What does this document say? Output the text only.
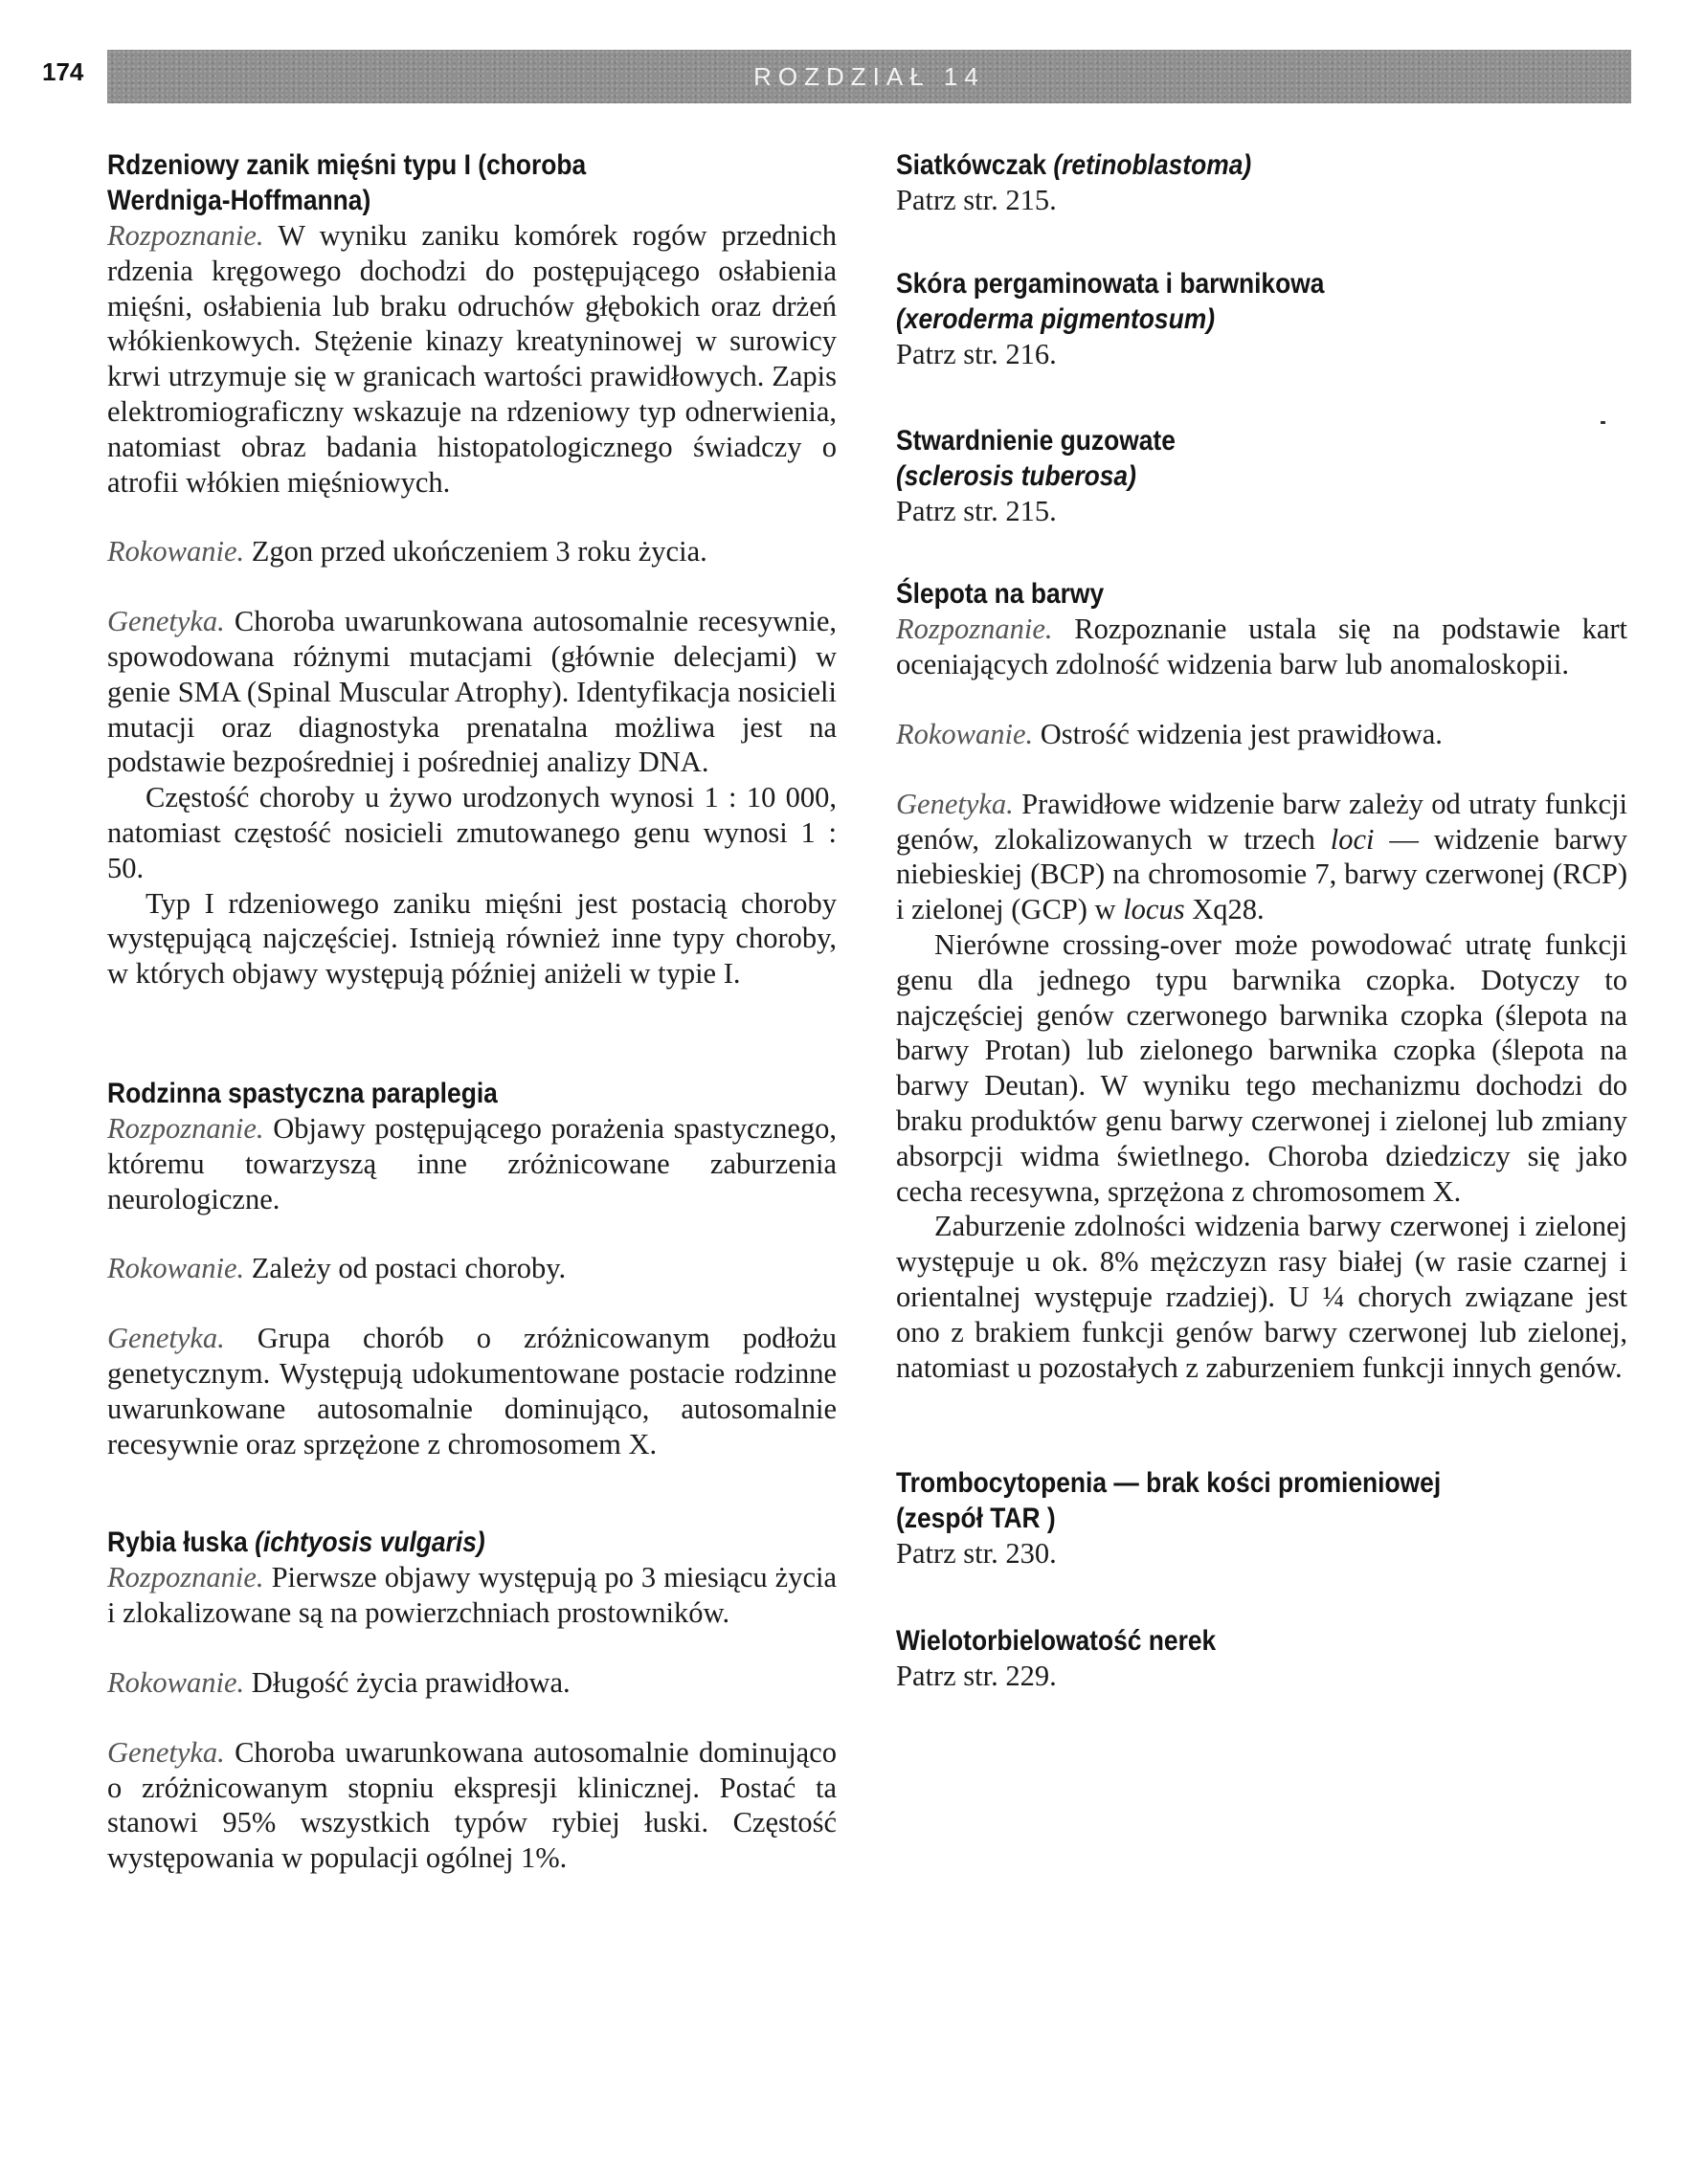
174	ROZDZIAŁ 14
Rdzeniowy zanik mięśni typu I (choroba
Werdniga-Hoffmanna)

Rozpoznanie. W wyniku zaniku komórek rogów przednich rdzenia kręgowego dochodzi do postępującego osłabienia mięśni, osłabienia lub braku odruchów głębokich oraz drżeń włókienkowych. Stężenie kinazy kreatyninowej w surowicy krwi utrzymuje się w granicach wartości prawidłowych. Zapis elektromiograficzny wskazuje na rdzeniowy typ odnerwienia, natomiast obraz badania histopatologicznego świadczy o atrofii włókien mięśniowych.

Rokowanie. Zgon przed ukończeniem 3 roku życia.

Genetyka. Choroba uwarunkowana autosomalnie recesywnie, spowodowana różnymi mutacjami (głównie delecjami) w genie SMA (Spinal Muscular Atrophy). Identyfikacja nosicieli mutacji oraz diagnostyka prenatalna możliwa jest na podstawie bezpośredniej i pośredniej analizy DNA.

Częstość choroby u żywo urodzonych wynosi 1 : 10 000, natomiast częstość nosicieli zmutowanego genu wynosi 1 : 50.

Typ I rdzeniowego zaniku mięśni jest postacią choroby występującą najczęściej. Istnieją również inne typy choroby, w których objawy występują później aniżeli w typie I.

Rodzinna spastyczna paraplegia

Rozpoznanie. Objawy postępującego porażenia spastycznego, któremu towarzyszą inne zróżnicowane zaburzenia neurologiczne.

Rokowanie. Zależy od postaci choroby.

Genetyka. Grupa chorób o zróżnicowanym podłożu genetycznym. Występują udokumentowane postacie rodzinne uwarunkowane autosomalnie dominująco, autosomalnie recesywnie oraz sprzężone z chromosomem X.

Rybia łuska (ichtyosis vulgaris)

Rozpoznanie. Pierwsze objawy występują po 3 miesiącu życia i zlokalizowane są na powierzchniach prostowników.

Rokowanie. Długość życia prawidłowa.

Genetyka. Choroba uwarunkowana autosomalnie dominująco o zróżnicowanym stopniu ekspresji klinicznej. Postać ta stanowi 95% wszystkich typów rybiej łuski. Częstość występowania w populacji ogólnej 1%.

Siatkówczak (retinoblastoma)
Patrz str. 215.
Skóra pergaminowata i barwnikowa
(xeroderma pigmentosum)
Patrz str. 216.
Stwardnienie guzowate
(sclerosis tuberosa)
Patrz str. 215.
Ślepota na barwy

Rozpoznanie. Rozpoznanie ustala się na podstawie kart oceniających zdolność widzenia barw lub anomaloskopii.

Rokowanie. Ostrość widzenia jest prawidłowa.

Genetyka. Prawidłowe widzenie barw zależy od utraty funkcji genów, zlokalizowanych w trzech loci — widzenie barwy niebieskiej (BCP) na chromosomie 7, barwy czerwonej (RCP) i zielonej (GCP) w locus Xq28.

Nierówne crossing-over może powodować utratę funkcji genu dla jednego typu barwnika czopka. Dotyczy to najczęściej genów czerwonego barwnika czopka (ślepota na barwy Protan) lub zielonego barwnika czopka (ślepota na barwy Deutan). W wyniku tego mechanizmu dochodzi do braku produktów genu barwy czerwonej i zielonej lub zmiany absorpcji widma świetlnego. Choroba dziedziczy się jako cecha recesywna, sprzężona z chromosomem X.

Zaburzenie zdolności widzenia barwy czerwonej i zielonej występuje u ok. 8% mężczyzn rasy białej (w rasie czarnej i orientalnej występuje rzadziej). U ¼ chorych związane jest ono z brakiem funkcji genów barwy czerwonej lub zielonej, natomiast u pozostałych z zaburzeniem funkcji innych genów.

Trombocytopenia — brak kości promieniowej
(zespół TAR )
Patrz str. 230.
Wielotorbielowatość nerek
Patrz str. 229.
